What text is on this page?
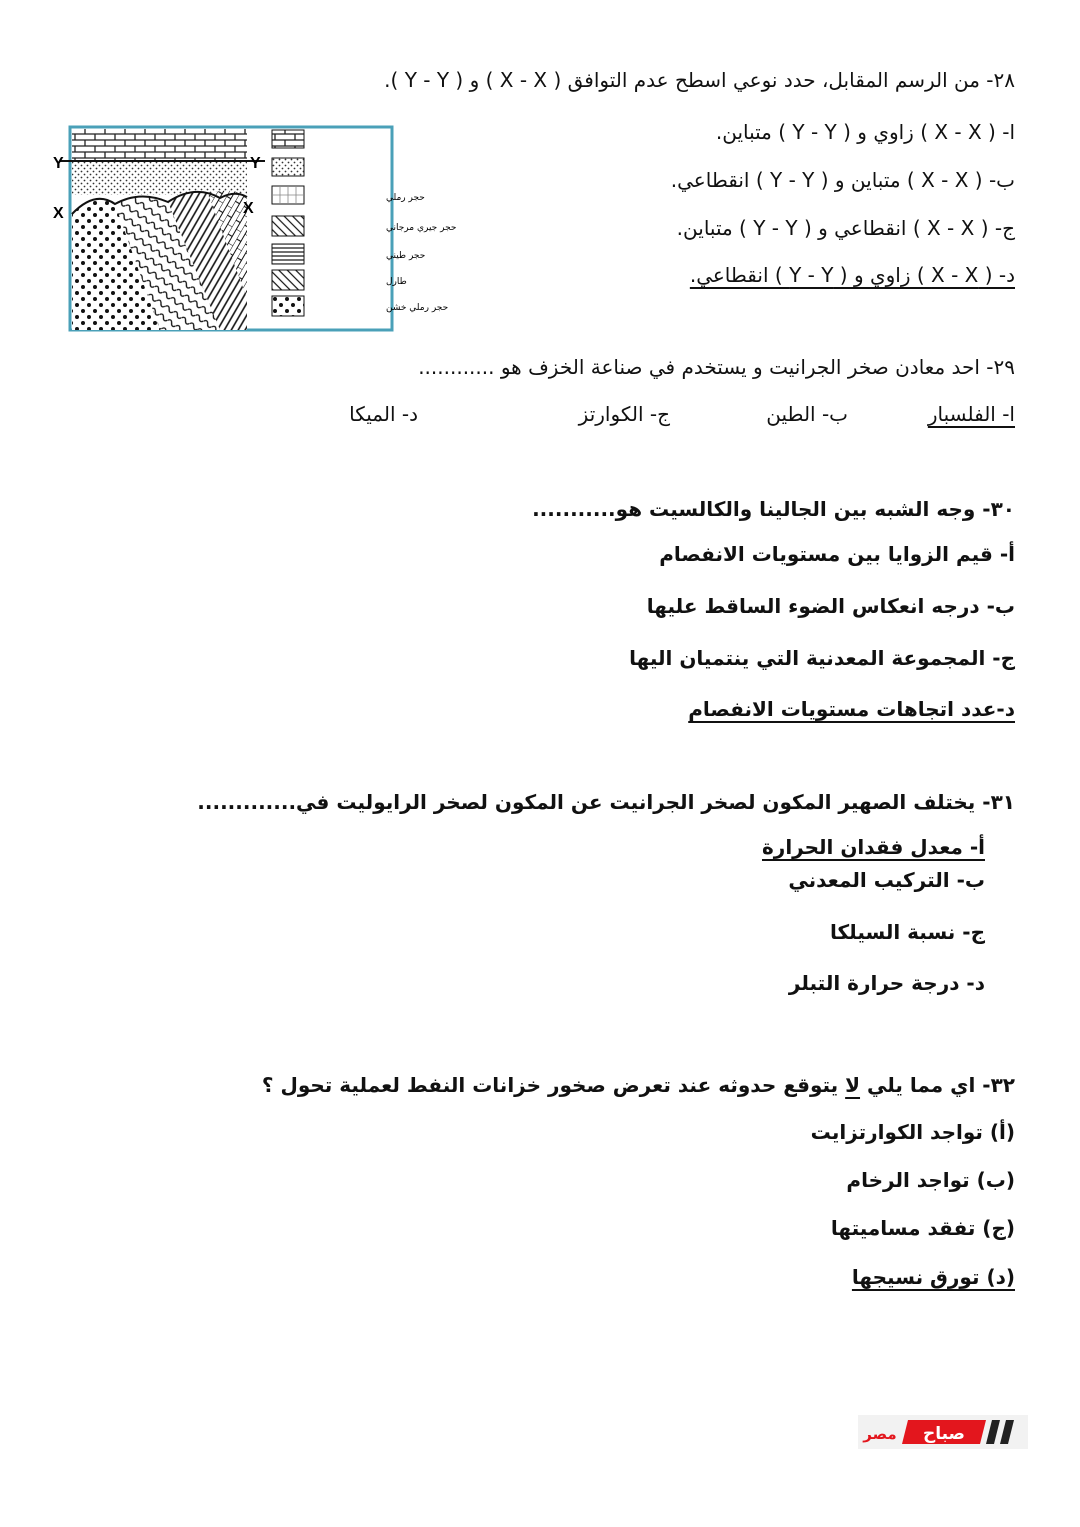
٢٨- من الرسم المقابل، حدد نوعي اسطح عدم التوافق ( X - X ) و ( Y - Y ).
ا- ( X - X ) زاوي و ( Y - Y ) متباين.
ب- ( X - X ) متباين و ( Y - Y ) انقطاعي.
ج- ( X - X ) انقطاعي و ( Y - Y ) متباين.
د- ( X - X ) زاوي و ( Y - Y ) انقطاعي.
Y	Y
X	X
حجر رملي
حجر جيري مرجاني
حجر طيني
طارل
حجر رملي خشن
٢٩- احد معادن صخر الجرانيت و يستخدم في صناعة الخزف هو ............
ا- الفلسبار
ب- الطين
ج- الكوارتز
د- الميكا
٣٠- وجه الشبه بين الجالينا والكالسيت هو...........
أ- قيم الزوايا بين مستويات الانفصام
ب- درجه انعكاس الضوء الساقط عليها
ج- المجموعة المعدنية التي ينتميان اليها
د-عدد اتجاهات مستويات الانفصام
٣١- يختلف الصهير المكون لصخر الجرانيت عن المكون لصخر الرايوليت في.............
أ- معدل فقدان الحرارة
ب- التركيب المعدني
ج- نسبة السيلكا
د- درجة حرارة التبلر
٣٢- اي مما يلي لا يتوقع حدوثه عند تعرض صخور خزانات النفط لعملية تحول ؟
(أ) تواجد الكوارتزايت
(ب) تواجد الرخام
(ج) تفقد مساميتها
(د) تورق نسيجها
صباح
مصر
